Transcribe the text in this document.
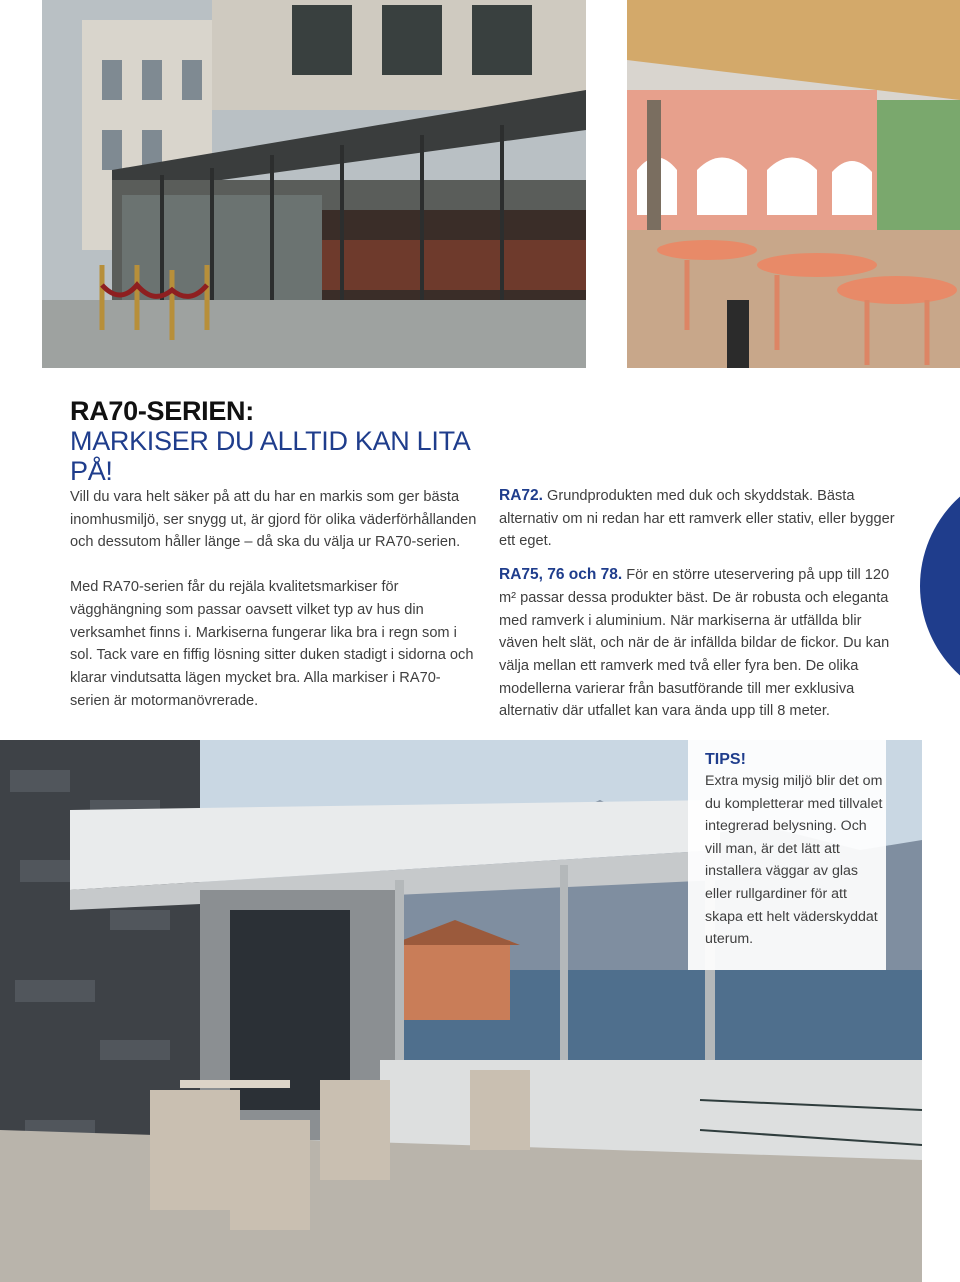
RA70-SERIEN:
MARKISER DU ALLTID KAN LITA PÅ!

Vill du vara helt säker på att du har en markis som ger bästa inomhusmiljö, ser snygg ut, är gjord för olika väderförhållanden och dessutom håller länge – då ska du välja ur RA70-serien.

Med RA70-serien får du rejäla kvalitetsmarkiser för vägghängning som passar oavsett vilket typ av hus din verksamhet finns i. Markiserna fungerar lika bra i regn som i sol. Tack vare en fiffig lösning sitter duken stadigt i sidorna och klarar vindutsatta lägen mycket bra. Alla markiser i RA70-serien är motormanövrerade.

RA72. Grundprodukten med duk och skyddstak. Bästa alternativ om ni redan har ett ramverk eller stativ, eller bygger ett eget.

RA75, 76 och 78. För en större uteservering på upp till 120 m² passar dessa produkter bäst. De är robusta och eleganta med ramverk i aluminium. När markiserna är utfällda blir väven helt slät, och när de är infällda bildar de fickor. Du kan välja mellan ett ramverk med två eller fyra ben. De olika modellerna varierar från basutförande till mer exklusiva alternativ där utfallet kan vara ända upp till 8 meter.

TIPS!
Extra mysig miljö blir det om du kompletterar med tillvalet integrerad belysning. Och vill man, är det lätt att installera väggar av glas eller rullgardiner för att skapa ett helt väderskyddat uterum.
